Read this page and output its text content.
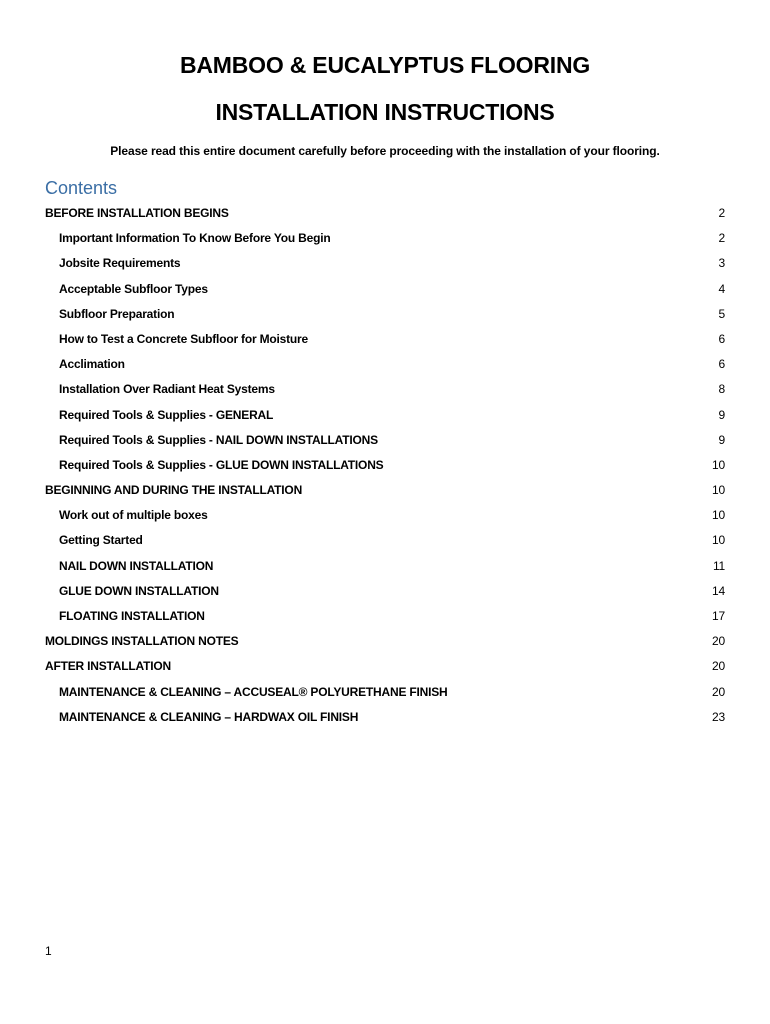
BAMBOO & EUCALYPTUS FLOORING
INSTALLATION INSTRUCTIONS
Please read this entire document carefully before proceeding with the installation of your flooring.
Contents
BEFORE INSTALLATION BEGINS	2
Important Information To Know Before You Begin	2
Jobsite Requirements	3
Acceptable Subfloor Types	4
Subfloor Preparation	5
How to Test a Concrete Subfloor for Moisture	6
Acclimation	6
Installation Over Radiant Heat Systems	8
Required Tools & Supplies - GENERAL	9
Required Tools & Supplies - NAIL DOWN INSTALLATIONS	9
Required Tools & Supplies - GLUE DOWN INSTALLATIONS	10
BEGINNING AND DURING THE INSTALLATION	10
Work out of multiple boxes	10
Getting Started	10
NAIL DOWN INSTALLATION	11
GLUE DOWN INSTALLATION	14
FLOATING INSTALLATION	17
MOLDINGS INSTALLATION NOTES	20
AFTER INSTALLATION	20
MAINTENANCE & CLEANING – ACCUSEAL® POLYURETHANE FINISH	20
MAINTENANCE & CLEANING – HARDWAX OIL FINISH	23
1
